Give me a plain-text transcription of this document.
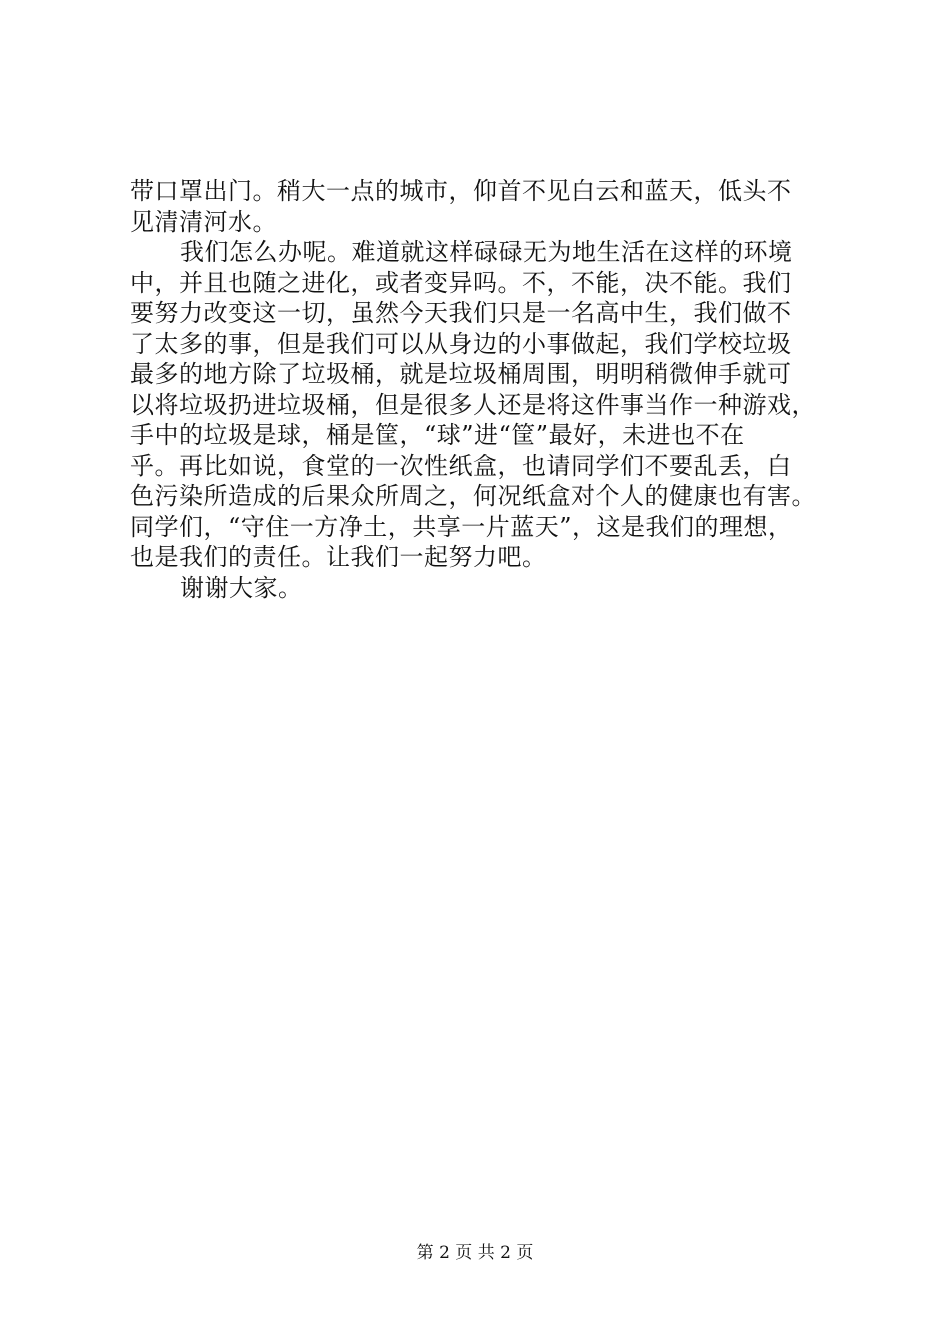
带口罩出门。稍大一点的城市，仰首不见白云和蓝天，低头不
见清清河水。

我们怎么办呢。难道就这样碌碌无为地生活在这样的环境
中，并且也随之进化，或者变异吗。不，不能，决不能。我们
要努力改变这一切，虽然今天我们只是一名高中生，我们做不
了太多的事，但是我们可以从身边的小事做起，我们学校垃圾
最多的地方除了垃圾桶，就是垃圾桶周围，明明稍微伸手就可
以将垃圾扔进垃圾桶，但是很多人还是将这件事当作一种游戏，
手中的垃圾是球，桶是筐，“球”进“筐”最好，未进也不在
乎。再比如说，食堂的一次性纸盒，也请同学们不要乱丢，白
色污染所造成的后果众所周之，何况纸盒对个人的健康也有害。
同学们，“守住一方净土，共享一片蓝天”，这是我们的理想，
也是我们的责任。让我们一起努力吧。

谢谢大家。

第 2 页 共 2 页
